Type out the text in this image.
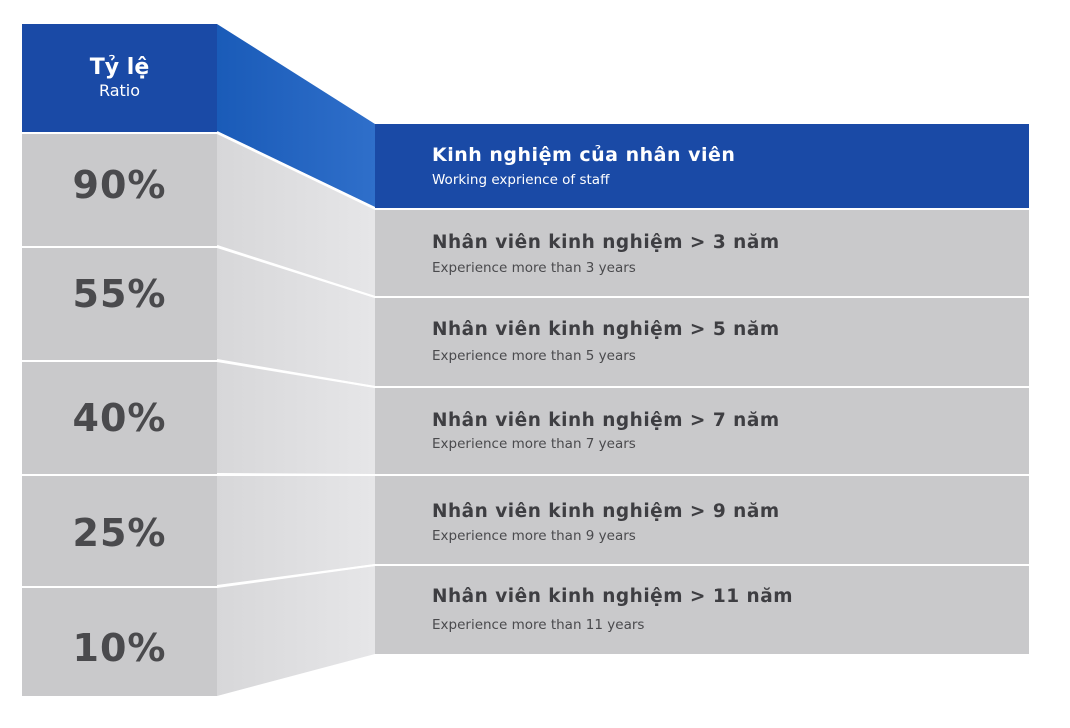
Tỷ lệ
Ratio
90%
55%
40%
25%
10%
Kinh nghiệm của nhân viên
Working exprience of staff
Nhân viên kinh nghiệm > 3 năm
Experience more than 3 years
Nhân viên kinh nghiệm > 5 năm
Experience more than 5 years
Nhân viên kinh nghiệm > 7 năm
Experience more than 7 years
Nhân viên kinh nghiệm > 9 năm
Experience more than 9 years
Nhân viên kinh nghiệm > 11 năm
Experience more than 11 years
